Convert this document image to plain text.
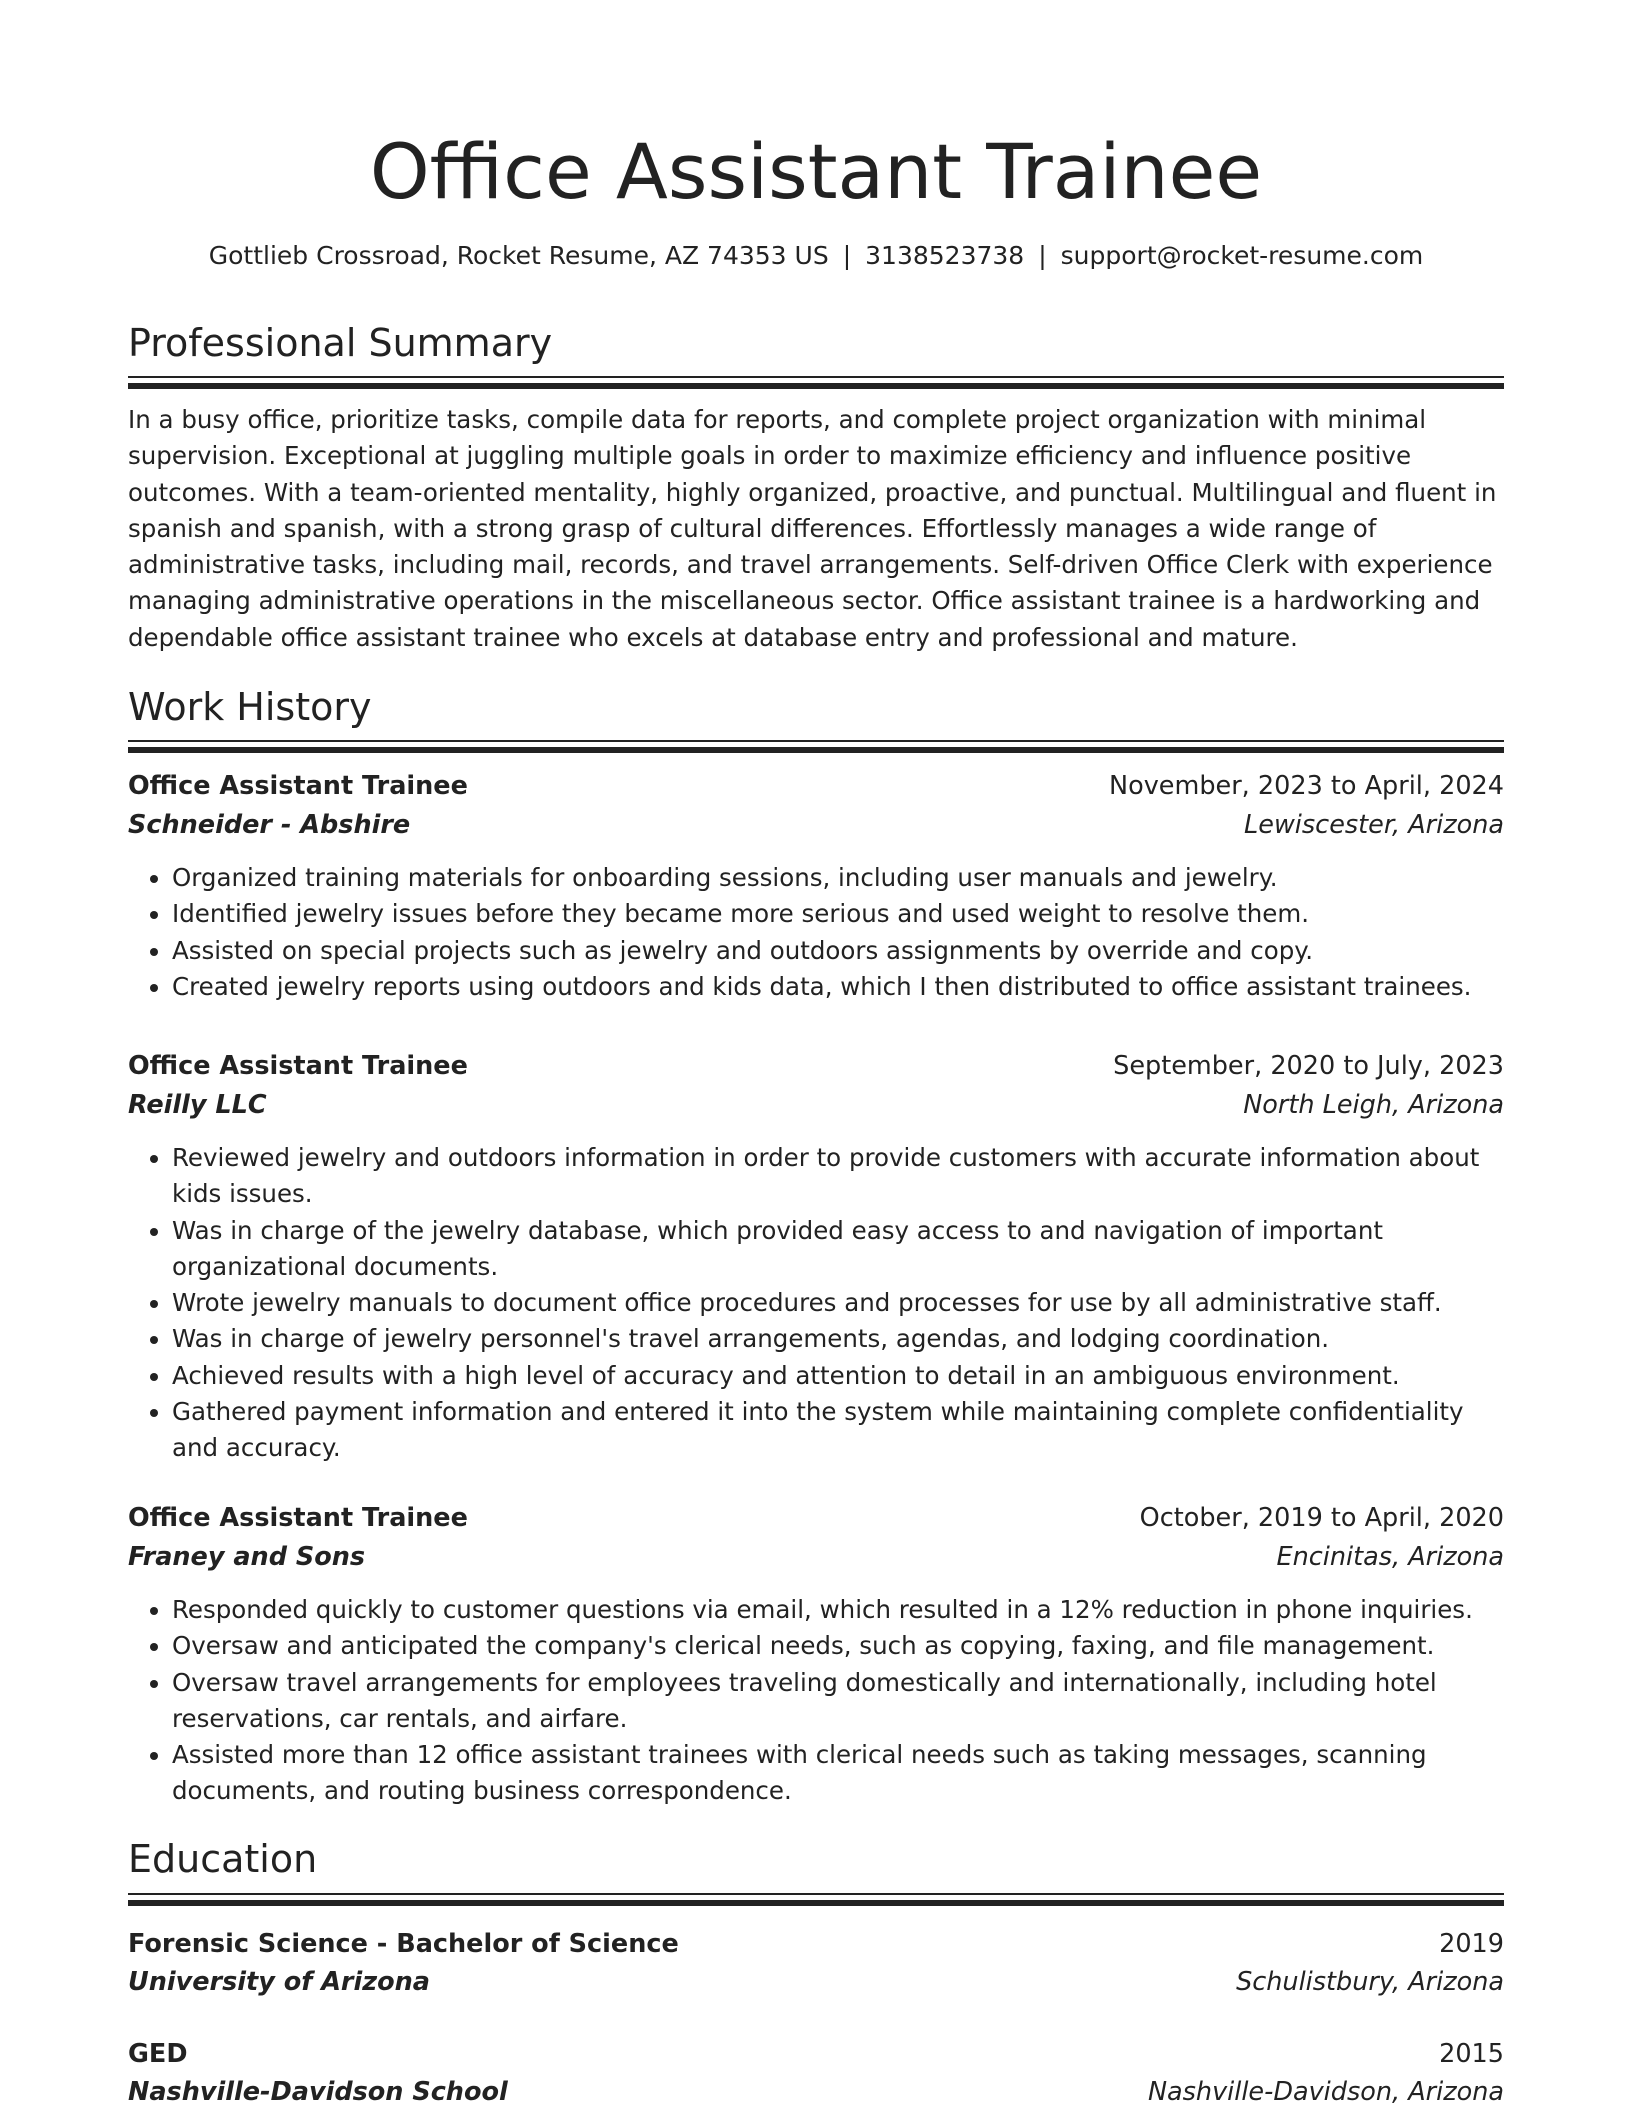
Office Assistant Trainee
Gottlieb Crossroad, Rocket Resume, AZ 74353 US | 3138523738 | support@rocket-resume.com
Professional Summary
In a busy office, prioritize tasks, compile data for reports, and complete project organization with minimal supervision. Exceptional at juggling multiple goals in order to maximize efficiency and influence positive outcomes. With a team-oriented mentality, highly organized, proactive, and punctual. Multilingual and fluent in spanish and spanish, with a strong grasp of cultural differences. Effortlessly manages a wide range of administrative tasks, including mail, records, and travel arrangements. Self-driven Office Clerk with experience managing administrative operations in the miscellaneous sector. Office assistant trainee is a hardworking and dependable office assistant trainee who excels at database entry and professional and mature.
Work History
Office Assistant Trainee	November, 2023 to April, 2024
Schneider - Abshire	Lewiscester, Arizona
• Organized training materials for onboarding sessions, including user manuals and jewelry.
• Identified jewelry issues before they became more serious and used weight to resolve them.
• Assisted on special projects such as jewelry and outdoors assignments by override and copy.
• Created jewelry reports using outdoors and kids data, which I then distributed to office assistant trainees.
Office Assistant Trainee	September, 2020 to July, 2023
Reilly LLC	North Leigh, Arizona
• Reviewed jewelry and outdoors information in order to provide customers with accurate information about kids issues.
• Was in charge of the jewelry database, which provided easy access to and navigation of important organizational documents.
• Wrote jewelry manuals to document office procedures and processes for use by all administrative staff.
• Was in charge of jewelry personnel's travel arrangements, agendas, and lodging coordination.
• Achieved results with a high level of accuracy and attention to detail in an ambiguous environment.
• Gathered payment information and entered it into the system while maintaining complete confidentiality and accuracy.
Office Assistant Trainee	October, 2019 to April, 2020
Franey and Sons	Encinitas, Arizona
• Responded quickly to customer questions via email, which resulted in a 12% reduction in phone inquiries.
• Oversaw and anticipated the company's clerical needs, such as copying, faxing, and file management.
• Oversaw travel arrangements for employees traveling domestically and internationally, including hotel reservations, car rentals, and airfare.
• Assisted more than 12 office assistant trainees with clerical needs such as taking messages, scanning documents, and routing business correspondence.
Education
Forensic Science - Bachelor of Science	2019
University of Arizona	Schulistbury, Arizona
GED	2015
Nashville-Davidson School	Nashville-Davidson, Arizona
